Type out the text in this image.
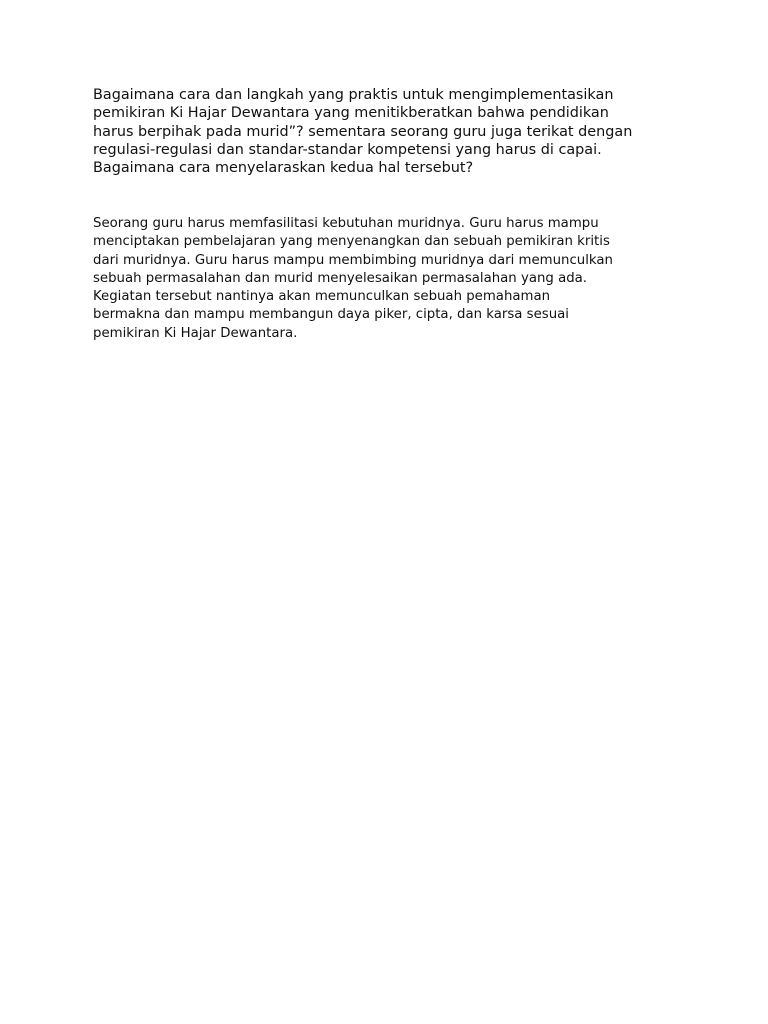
Bagaimana cara dan langkah yang praktis untuk mengimplementasikan
pemikiran Ki Hajar Dewantara yang menitikberatkan bahwa pendidikan
harus berpihak pada murid”? sementara seorang guru juga terikat dengan
regulasi-regulasi dan standar-standar kompetensi yang harus di capai.
Bagaimana cara menyelaraskan kedua hal tersebut?

Seorang guru harus memfasilitasi kebutuhan muridnya. Guru harus mampu
menciptakan pembelajaran yang menyenangkan dan sebuah pemikiran kritis
dari muridnya. Guru harus mampu membimbing muridnya dari memunculkan
sebuah permasalahan dan murid menyelesaikan permasalahan yang ada.
Kegiatan tersebut nantinya akan memunculkan sebuah pemahaman
bermakna dan mampu membangun daya piker, cipta, dan karsa sesuai
pemikiran Ki Hajar Dewantara.
